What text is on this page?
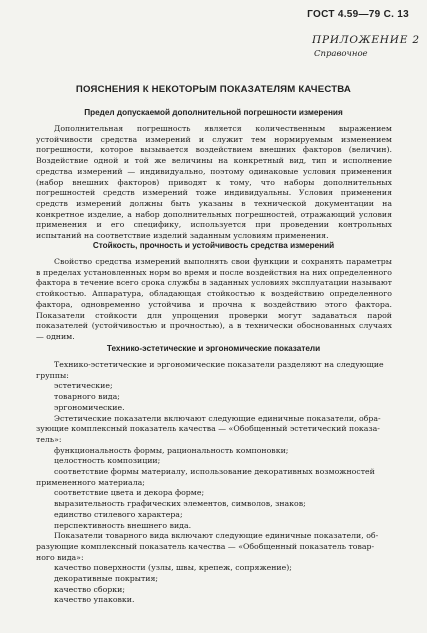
ГОСТ 4.59—79 С. 13
ПРИЛОЖЕНИЕ 2
Справочное
ПОЯСНЕНИЯ К НЕКОТОРЫМ ПОКАЗАТЕЛЯМ КАЧЕСТВА
Предел допускаемой дополнительной погрешности измерения

Дополнительная погрешность является количественным выражением устойчивости средства измерений и служит тем нормируемым изменением погрешности, которое вызывается воздействием внешних факторов (величин). Воздействие одной и той же величины на конкретный вид, тип и исполнение средства измерений — индивидуально, поэтому одинаковые условия применения (набор внешних факторов) приводят к тому, что наборы дополнительных погрешностей средств измерений тоже индивидуальны. Условия применения средств измерений должны быть указаны в технической документации на конкретное изделие, а набор дополнительных погрешностей, отражающий условия применения и его специфику, используется при проведении контрольных испытаний на соответствие изделий заданным условиям применения.

Стойкость, прочность и устойчивость средства измерений

Свойство средства измерений выполнять свои функции и сохранять параметры в пределах установленных норм во время и после воздействия на них определенного фактора в течение всего срока службы в заданных условиях эксплуатации называют стойкостью. Аппаратура, обладающая стойкостью к воздействию определенного фактора, одновременно устойчива и прочна к воздействию этого фактора. Показатели стойкости для упрощения проверки могут задаваться парой показателей (устойчивостью и прочностью), а в технически обоснованных случаях — одним.

Технико-эстетические и эргономические показатели
Технико-эстетические и эргономические показатели разделяют на следующие
группы:
эстетические;
товарного вида;
эргономические.
Эстетические показатели включают следующие единичные показатели, обра-
зующие комплексный показатель качества — «Обобщенный эстетический показа-
тель»:
функциональность формы, рациональность компоновки;
целостность композиции;
соответствие формы материалу, использование декоративных возможностей
примененного материала;
соответствие цвета и декора форме;
выразительность графических элементов, символов, знаков;
единство стилевого характера;
перспективность внешнего вида.
Показатели товарного вида включают следующие единичные показатели, об-
разующие комплексный показатель качества — «Обобщенный показатель товар-
ного вида»:
качество поверхности (узлы, швы, крепеж, сопряжение);
декоративные покрытия;
качество сборки;
качество упаковки.
